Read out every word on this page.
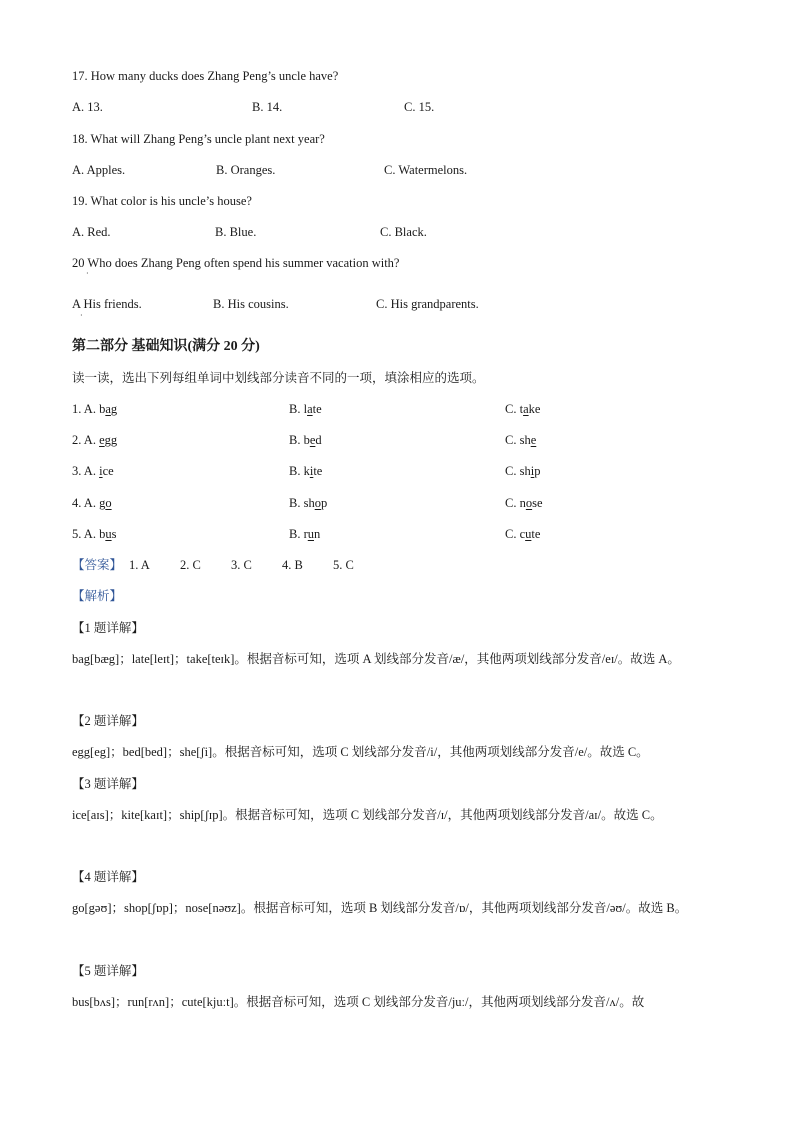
17. How many ducks does Zhang Peng’s uncle have?
A. 13.	B. 14.	C. 15.
18. What will Zhang Peng’s uncle plant next year?
A. Apples.	B. Oranges.	C. Watermelons.
19. What color is his uncle’s house?
A. Red.	B. Blue.	C. Black.
20 Who does Zhang Peng often spend his summer vacation with?
·
A His friends.
·
B. His cousins.	C. His grandparents.
第二部分 基础知识(满分 20 分)
读一读，选出下列每组单词中划线部分读音不同的一项，填涂相应的选项。
1. A. bag	B. late	C. take
2. A. egg	B. bed	C. she
3. A. ice	B. kite	C. ship
4. A. go	B. shop	C. nose
5. A. bus	B. run	C. cute
【答案】 1. A 2. C 3. C 4. B 5. C
【解析】
【1 题详解】
bag[bæg]；late[leɪt]；take[teɪk]。根据音标可知，选项 A 划线部分发音/æ/，其他两项划线部分发音/eɪ/。故选 A。
【2 题详解】
egg[eg]；bed[bed]；she[ʃi]。根据音标可知，选项 C 划线部分发音/i/，其他两项划线部分发音/e/。故选 C。
【3 题详解】
ice[aɪs]；kite[kaɪt]；ship[ʃɪp]。根据音标可知，选项 C 划线部分发音/ɪ/，其他两项划线部分发音/aɪ/。故选 C。
【4 题详解】
go[gəʊ]；shop[ʃɒp]；nose[nəʊz]。根据音标可知，选项 B 划线部分发音/ɒ/，其他两项划线部分发音/əʊ/。故选 B。
【5 题详解】
bus[bʌs]；run[rʌn]；cute[kjuːt]。根据音标可知，选项 C 划线部分发音/juː/，其他两项划线部分发音/ʌ/。故
